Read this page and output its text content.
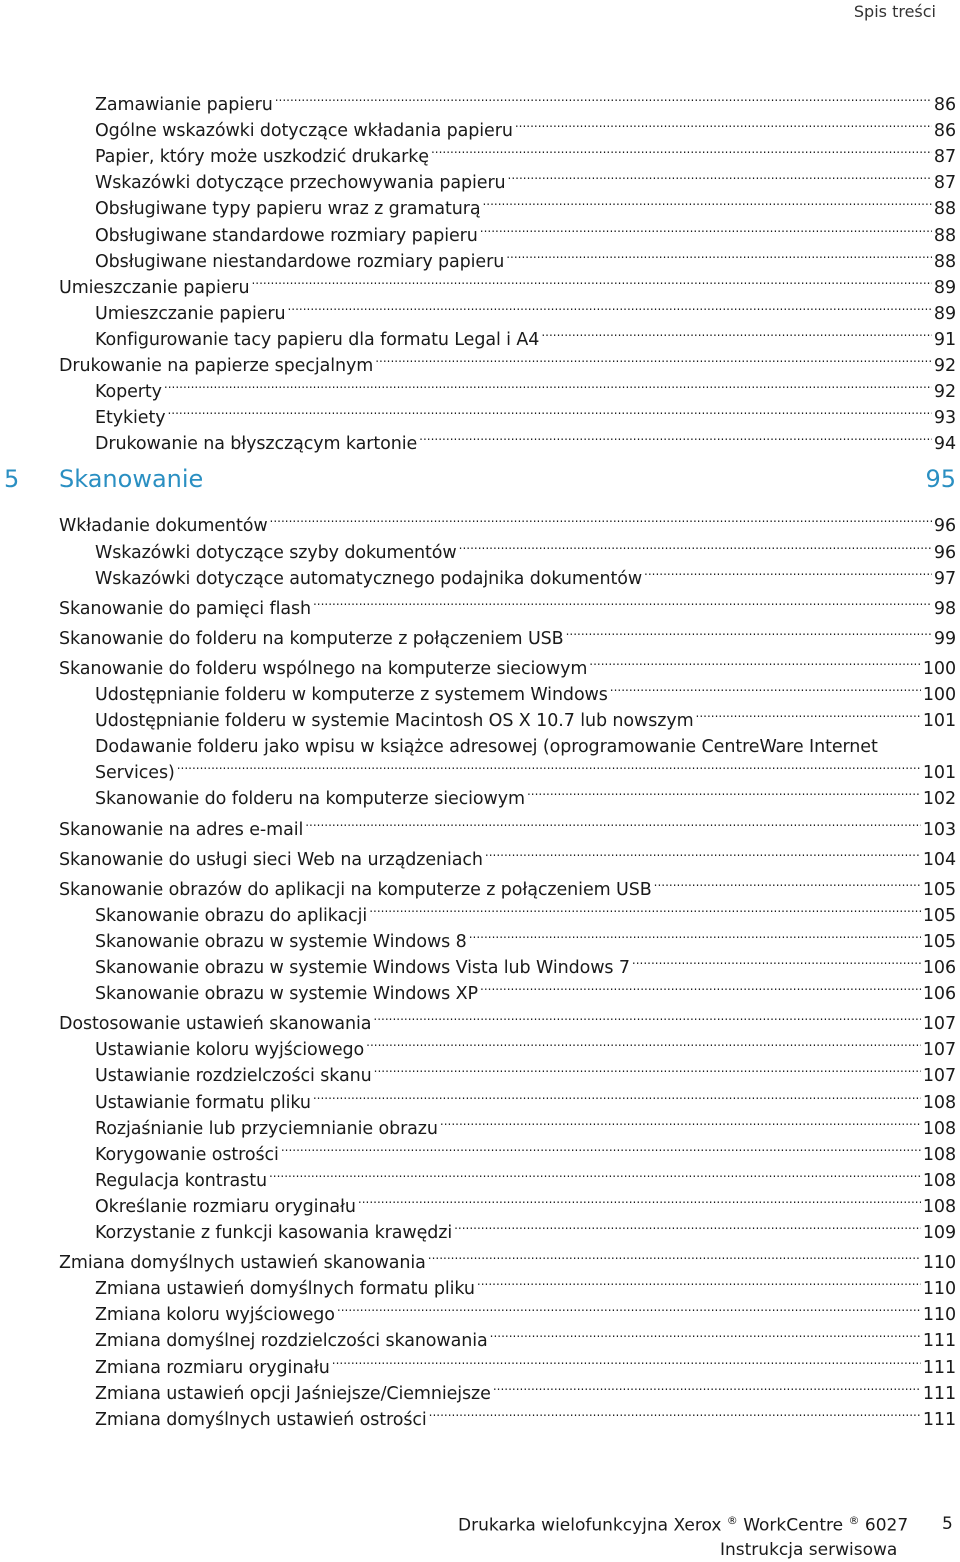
Spis treści
Zamawianie papieru .....	86
Ogólne wskazówki dotyczące wkładania papieru .....	86
Papier, który może uszkodzić drukarkę .....	87
Wskazówki dotyczące przechowywania papieru .....	87
Obsługiwane typy papieru wraz z gramaturą .....	88
Obsługiwane standardowe rozmiary papieru .....	88
Obsługiwane niestandardowe rozmiary papieru .....	88
Umieszczanie papieru .....	89
Umieszczanie papieru .....	89
Konfigurowanie tacy papieru dla formatu Legal i A4 .....	91
Drukowanie na papierze specjalnym .....	92
Koperty .....	92
Etykiety .....	93
Drukowanie na błyszczącym kartonie .....	94
5	Skanowanie	95
Wkładanie dokumentów .....	96
Wskazówki dotyczące szyby dokumentów .....	96
Wskazówki dotyczące automatycznego podajnika dokumentów .....	97
Skanowanie do pamięci flash .....	98
Skanowanie do folderu na komputerze z połączeniem USB .....	99
Skanowanie do folderu wspólnego na komputerze sieciowym .....	100
Udostępnianie folderu w komputerze z systemem Windows .....	100
Udostępnianie folderu w systemie Macintosh OS X 10.7 lub nowszym .....	101
Dodawanie folderu jako wpisu w książce adresowej (oprogramowanie CentreWare Internet
Services) .....	101
Skanowanie do folderu na komputerze sieciowym .....	102
Skanowanie na adres e-mail .....	103
Skanowanie do usługi sieci Web na urządzeniach .....	104
Skanowanie obrazów do aplikacji na komputerze z połączeniem USB .....	105
Skanowanie obrazu do aplikacji .....	105
Skanowanie obrazu w systemie Windows 8 .....	105
Skanowanie obrazu w systemie Windows Vista lub Windows 7 .....	106
Skanowanie obrazu w systemie Windows XP .....	106
Dostosowanie ustawień skanowania .....	107
Ustawianie koloru wyjściowego .....	107
Ustawianie rozdzielczości skanu .....	107
Ustawianie formatu pliku .....	108
Rozjaśnianie lub przyciemnianie obrazu .....	108
Korygowanie ostrości .....	108
Regulacja kontrastu .....	108
Określanie rozmiaru oryginału .....	108
Korzystanie z funkcji kasowania krawędzi .....	109
Zmiana domyślnych ustawień skanowania .....	110
Zmiana ustawień domyślnych formatu pliku .....	110
Zmiana koloru wyjściowego .....	110
Zmiana domyślnej rozdzielczości skanowania .....	111
Zmiana rozmiaru oryginału .....	111
Zmiana ustawień opcji Jaśniejsze/Ciemniejsze .....	111
Zmiana domyślnych ustawień ostrości .....	111
Drukarka wielofunkcyjna Xerox ® WorkCentre ® 6027
Instrukcja serwisowa
5
